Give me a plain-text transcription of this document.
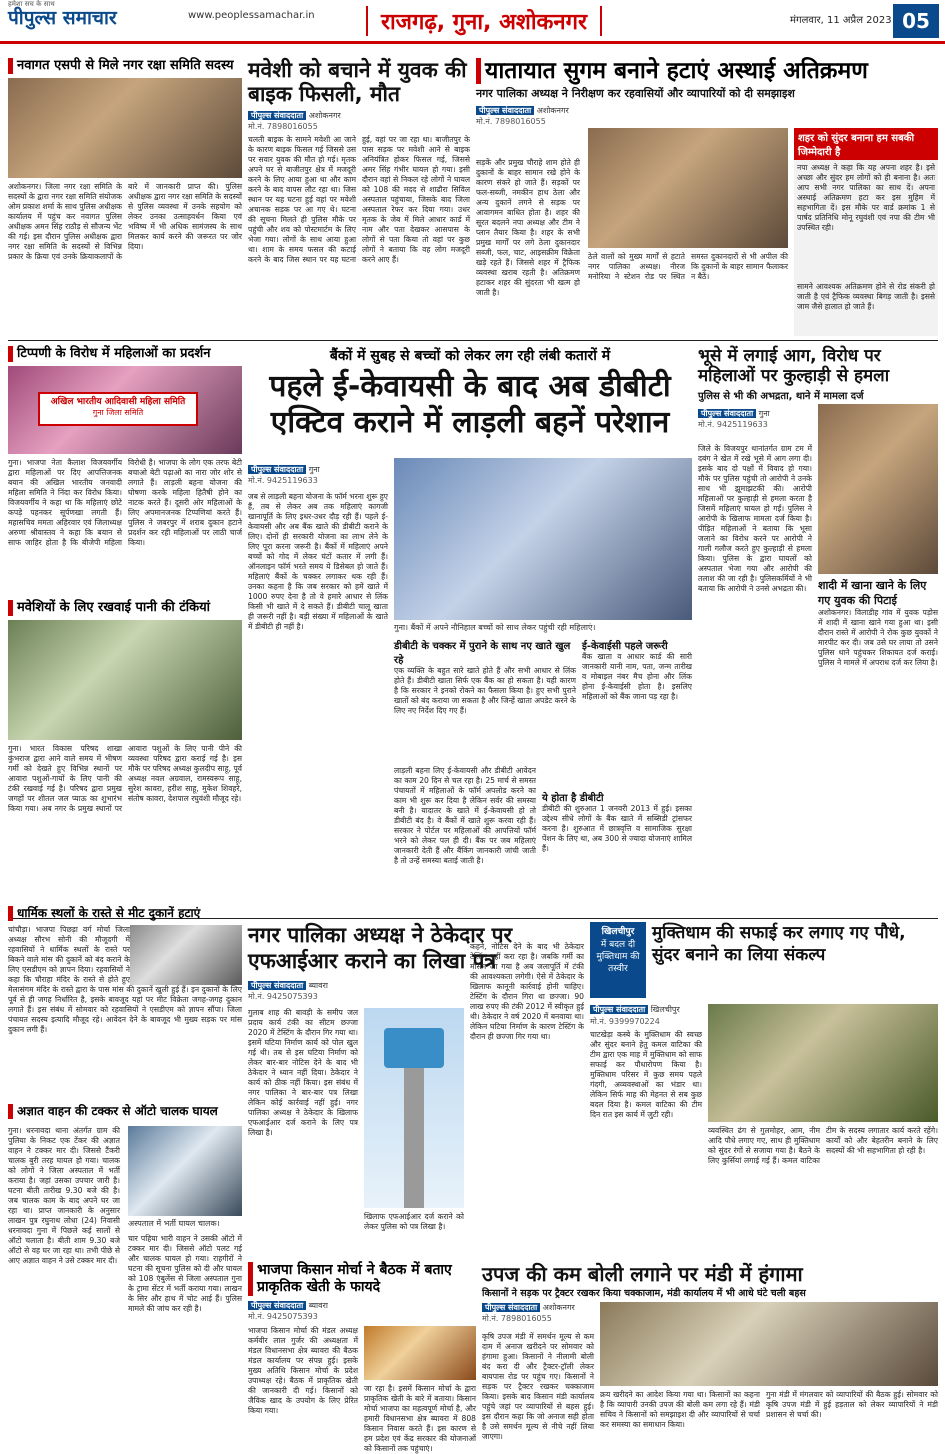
हमेशा सच के साथ
पीपुल्स समाचार	www.peoplessamachar.in	राजगढ़, गुना, अशोकनगर	मंगलवार, 11 अप्रैल 2023 05
नवागत एसपी से मिले नगर रक्षा समिति सदस्य

अशोकनगर। जिला नगर रक्षा समिति के सदस्यों के द्वारा नगर रक्षा समिति संयोजक ओम प्रकाश शर्मा के साथ पुलिस अधीक्षक कार्यालय में पहुंच कर नवागत पुलिस अधीक्षक अमन सिंह राठौड़ से सौजन्य भेंट की गई। इस दौरान पुलिस अधीक्षक द्वारा नगर रक्षा समिति के सदस्यों से विभिन्न प्रकार के क्रिया एवं उनके क्रियाकलापों के बारे में जानकारी प्राप्त की। पुलिस अधीक्षक द्वारा नगर रक्षा समिति के सदस्यों से पुलिस व्यवस्था में उनके सहयोग को लेकर उनका उत्साहवर्धन किया एवं भविष्य में भी अधिक सामंजस्य के साथ मिलकर कार्य करने की जरूरत पर जोर दिया।

मवेशी को बचाने में युवक की बाइक फिसली, मौत
पीपुल्स संवाददाता अशोकनगर
मो.नं. 7898016055

चलती बाइक के सामने मवेशी आ जाने के कारण बाइक फिसल गई जिससे उस पर सवार युवक की मौत हो गई। मृतक अपने घर से बाजीतपुर क्षेत्र में मजदूरी करने के लिए आया हुआ था और काम करने के बाद वापस लौट रहा था। जिस स्थान पर यह घटना हुई वहां पर मवेशी अचानक सड़क पर आ गए थे। घटना की सूचना मिलते ही पुलिस मौके पर पहुंची और शव को पोस्टमार्टम के लिए भेजा गया। लोगों के साथ आया हुआ था। शाम के समय फसल की कटाई करने के बाद जिस स्थान पर यह घटना हुई, वहां पर जा रहा था। बाजीतपुर के पास सड़क पर मवेशी आने से बाइक अनियंत्रित होकर फिसल गई, जिससे अमर सिंह गंभीर घायल हो गया। इसी दौरान वहां से निकल रहे लोगों ने घायल को 108 की मदद से शाढौरा सिविल अस्पताल पहुंचाया, जिसके बाद जिला अस्पताल रेफर कर दिया गया। उधर मृतक के जेब में मिले आधार कार्ड में नाम और पता देखकर आसपास के लोगों से पता किया तो वहां पर कुछ लोगों ने बताया कि वह लोग मजदूरी करने आए हैं।

यातायात सुगम बनाने हटाएं अस्थाई अतिक्रमण
नगर पालिका अध्यक्ष ने निरीक्षण कर रहवासियों और व्यापारियों को दी समझाइश
पीपुल्स संवाददाता अशोकनगर
मो.नं. 7898016055

सड़कें और प्रमुख चौराहे शाम होते ही दुकानों के बाहर सामान रखे होने के कारण संकरे हो जाते हैं। सड़कों पर फल-सब्जी, नमकीन हाथ ठेला और अन्य दुकानें लगने से सड़क पर आवागमन बाधित होता है। शहर की सूरत बदलने नपा अध्यक्ष और टीम ने प्लान तैयार किया है। शहर के सभी प्रमुख मार्गों पर लगे ठेला दुकानदार सब्जी, फल, चाट, आइसक्रीम विक्रेता खड़े रहते हैं। जिससे शहर में ट्रैफिक व्यवस्था खराब रहती है। अतिक्रमण हटाकर शहर की सुंदरता भी खत्म हो जाती है।

ठेले वालों को मुख्य मार्गों से हटाते नगर पालिका अध्यक्ष। नीरज मनोरिया ने स्टेशन रोड पर स्थित समस्त दुकानदारों से भी अपील की कि दुकानों के बाहर सामान फैलाकर न बैठें।

शहर को सुंदर बनाना हम सबकी जिम्मेदारी है

नपा अध्यक्ष ने कहा कि यह अपना शहर है। इसे अच्छा और सुंदर हम लोगों को ही बनाना है। अतः आप सभी नगर पालिका का साथ दें। अपना अस्थाई अतिक्रमण हटा कर इस मुहिम में सहभागिता दें। इस मौके पर वार्ड क्रमांक 1 से पार्षद प्रतिनिधि मोनू रघुवंशी एवं नपा की टीम भी उपस्थित रही।

सामने आवश्यक अतिक्रमण होने से रोड संकरी हो जाती है एवं ट्रैफिक व्यवस्था बिगड़ जाती है। इससे जाम जैसे हालात हो जाते हैं।

टिप्पणी के विरोध में महिलाओं का प्रदर्शन
अखिल भारतीय आदिवासी महिला समिति
गुना जिला समिति

गुना। भाजपा नेता कैलाश विजयवर्गीय द्वारा महिलाओं पर दिए आपत्तिजनक बयान की अखिल भारतीय जनवादी महिला समिति ने निंदा कर विरोध किया। विजयवर्गीय ने कहा था कि महिलाएं छोटे कपड़े पहनकर सूर्पणखा लगती हैं। महासचिव ममता अहिरवार एवं जिलाध्यक्ष अरुणा श्रीवास्तव ने कहा कि बयान से साफ जाहिर होता है कि बीजेपी महिला विरोधी है। भाजपा के लोग एक तरफ बेटी बचाओ बेटी पढ़ाओ का नारा जोर शोर से लगाते हैं। लाड़ली बहना योजना की घोषणा करके महिला हितैषी होने का नाटक करते हैं। दूसरी ओर महिलाओं के लिए अपमानजनक टिप्पणियां करते हैं। पुलिस ने जबरपुर में शराब दुकान हटाने प्रदर्शन कर रही महिलाओं पर लाठी चार्ज किया।

बैंकों में सुबह से बच्चों को लेकर लग रही लंबी कतारों में
पहले ई-केवायसी के बाद अब डीबीटी एक्टिव कराने में लाड़ली बहनें परेशान
पीपुल्स संवाददाता गुना
मो.नं. 9425119633
गुना। बैंकों में अपने नौनिहाल बच्चों को साथ लेकर पहुंची रही महिलाएं।

जब से लाड़ली बहना योजना के फॉर्म भरना शुरू हुए हैं, तब से लेकर अब तक महिलाएं कागजी खानापूर्ति के लिए इधर-उधर दौड़ रही हैं। पहले ई-केवायसी और अब बैंक खाते की डीबीटी कराने के लिए। दोनों ही सरकारी योजना का लाभ लेने के लिए पूरा करना जरूरी है। बैंकों में महिलाएं अपने बच्चों को गोद में लेकर घंटों कतार में लगी हैं। ऑनलाइन फॉर्म भरते समय ये डिसेबल हो जाते हैं। महिलाएं बैंकों के चक्कर लगाकर थक रही हैं। उनका कहना है कि जब सरकार को हमें खाते में 1000 रुपए देना है तो वे हमारे आधार से लिंक किसी भी खाते में दे सकते हैं। डीबीटी चालू खाता ही जरूरी नहीं है। बड़ी संख्या में महिलाओं के खाते में डीबीटी ही नहीं है।

लाड़ली बहना लिए ई-केवायसी और डीबीटी आवेदन का काम 20 दिन से चल रहा है। 25 मार्च से समस्त पंचायतों में महिलाओं के फॉर्म अपलोड करने का काम भी शुरू कर दिया है लेकिन सर्वर की समस्या बनी है। यादातर के खाते में ई-केवायसी हो तो डीबीटी बंद है। वे बैंकों में खाते शुरू करवा रही हैं। सरकार ने पोर्टल पर महिलाओं की आपत्तियों फॉर्म भरने को लेकर पल ही दी। बैंक पर जब महिलाएं जानकारी देती हैं और बैंकिंग जानकारी जांची जाती है तो उन्हें समस्या बताई जाती है।

डीबीटी के चक्कर में पुराने के साथ नए खाते खुल रहे

एक व्यक्ति के बहुत सारे खाते होते हैं और सभी आधार से लिंक होते हैं। डीबीटी खाता सिर्फ एक बैंक का हो सकता है। यही कारण है कि सरकार ने इनको रोकने का फैसला किया है। हुए सभी पुराने खातों को बंद कराया जा सकता है और जिन्हें खाता अपडेट करने के लिए नए निर्देश दिए गए हैं।

ई-केवाईसी पहले जरूरी

बैंक खाता व आधार कार्ड की सारी जानकारी यानी नाम, पता, जन्म तारीख व मोबाइल नंबर मैच होना और लिंक होना ई-केवाईसी होता है। इसलिए महिलाओं को बैंक जाना पड़ रहा है।

ये होता है डीबीटी

डीबीटी की शुरुआत 1 जनवरी 2013 में हुई। इसका उद्देश्य सीधे लोगों के बैंक खाते में सब्सिडी ट्रांसफर करना है। शुरुआत में छात्रवृत्ति व सामाजिक सुरक्षा पेंशन के लिए था, अब 300 से ज्यादा योजनाएं शामिल हैं।

भूसे में लगाई आग, विरोध पर महिलाओं पर कुल्हाड़ी से हमला
पुलिस से भी की अभद्रता, थाने में मामला दर्ज
पीपुल्स संवाददाता गुना
मो.नं. 9425119633

जिले के विजयपुर थानांतर्गत ग्राम टम में दबंग ने खेत में रखे भूसे में आग लगा दी। इसके बाद दो पक्षों में विवाद हो गया। मौके पर पुलिस पहुंची तो आरोपी ने उनके साथ भी झूमाझटकी की। आरोपी महिलाओं पर कुल्हाड़ी से हमला करता है जिसमें महिलाएं घायल हो गईं। पुलिस ने आरोपी के खिलाफ मामला दर्ज किया है। पीड़ित महिलाओं ने बताया कि भूसा जलाने का विरोध करने पर आरोपी ने गाली गलौज करते हुए कुल्हाड़ी से हमला किया। पुलिस के द्वारा घायलों को अस्पताल भेजा गया और आरोपी की तलाश की जा रही है। पुलिसकर्मियों ने भी बताया कि आरोपी ने उनसे अभद्रता की।	शादी में खाना खाने के लिए गए युवक की पिटाई

अशोकनगर। विलाडीह गांव में युवक पड़ोस में शादी में खाना खाने गया हुआ था। इसी दौरान रास्ते में आरोपी ने रोक कुछ युवकों ने मारपीट कर दी। जब उसे घर लाया तो उसने पुलिस थाने पहुंचकर शिकायत दर्ज कराई। पुलिस ने मामले में अपराध दर्ज कर लिया है।

मवेशियों के लिए रखवाई पानी की टंकियां

गुना। भारत विकास परिषद शाखा कुंभराज द्वारा आने वाले समय में भीषण गर्मी को देखते हुए विभिन्न स्थानों पर आवारा पशुओं-गायों के लिए पानी की टंकी रखवाई गई है। परिषद द्वारा प्रमुख जगहों पर शीतल जल प्याऊ का शुभारंभ किया गया। अब नगर के प्रमुख स्थानों पर आवारा पशुओं के लिए पानी पीने की व्यवस्था परिषद द्वारा कराई गई है। इस मौके पर परिषद अध्यक्ष कुलदीप साहू, पूर्व अध्यक्ष नवल अग्रवाल, रामस्वरूप साहू, सुरेश कावरा, हरीश साहू, मुकेश शिवहरे, संतोष कावरा, देशपाल रघुवंशी मौजूद रहे।

धार्मिक स्थलों के रास्ते से मीट दुकानें हटाएं

चांचौड़ा। भाजपा पिछड़ा वर्ग मोर्चा जिला अध्यक्ष सौरभ सोनी की मौजूदगी में रहवासियों ने धार्मिक स्थलों के रास्ते पर बिकने वाले मांस की दुकानें को बंद कराने के लिए एसडीएम को ज्ञापन दिया। रहवासियों ने कहा कि चौराहा मंदिर के रास्ते से होते हुए मेलासंगम मंदिर के रास्ते द्वारा के पास मांस की दुकानें खुली हुई हैं। इन दुकानों के लिए पूर्व से ही जगह निर्धारित है, इसके बावजूद यहां पर मीट विक्रेता जगह-जगह दुकान लगाते हैं। इस संबंध में सोमवार को रहवासियों ने एसडीएम को ज्ञापन सौंपा। जिला पंचायत सदस्य इत्यादि मौजूद रहे। आवेदन देने के बावजूद भी मुख्य सड़क पर मांस दुकान लगी हैं।

अज्ञात वाहन की टक्कर से ऑटो चालक घायल

गुना। धरनावदा थाना अंतर्गत ग्राम की पुलिया के निकट एक टेंकर की अज्ञात वाहन ने टक्कर मार दी। जिससे टैंकरी चालक बुरी तरह घायल हो गया। चालक को लोगों ने जिला अस्पताल में भर्ती कराया है। जहां उसका उपचार जारी है। घटना बीती तारीख 9.30 बजे की है। जब चालक काम के बाद अपने घर जा रहा था। प्राप्त जानकारी के अनुसार लाखन पुत्र रघुनाथ लोधा (24) निवासी धरनावदा गुना में पिछले कई सालों से ऑटो चलाता है। बीती शाम 9.30 बजे ऑटो से वह घर जा रहा था। तभी पीछे से आए अज्ञात वाहन ने उसे टक्कर मार दी।

अस्पताल में भर्ती घायल चालक।

चार पहिया भारी वाहन ने उसकी ऑटो में टक्कर मार दी। जिससे ऑटो पलट गई और चालक घायल हो गया। राहगीरों ने घटना की सूचना पुलिस को दी और घायल को 108 एंबुलेंस से जिला अस्पताल गुना के ट्रामा सेंटर में भर्ती कराया गया। लाखन के सिर और हाथ में चोट आई हैं। पुलिस मामले की जांच कर रही है।

नगर पालिका अध्यक्ष ने ठेकेदार पर एफआईआर कराने का लिखा पत्र
पीपुल्स संवाददाता ब्यावरा
मो.नं. 9425075393

गुलाब शाह की बावड़ी के समीप जल प्रदाय कार्य टंकी का सीटम छज्जा 2020 में टेस्टिंग के दौरान गिर गया था। इसमें घटिया निर्माण कार्य को पोल खुल गई थी। तब से इस घटिया निर्माण को लेकर बार-बार नोटिस देने के बाद भी ठेकेदार ने ध्यान नहीं दिया। ठेकेदार ने कार्य को ठीक नहीं किया। इस संबंध में नगर पालिका ने बार-बार पत्र लिखा लेकिन कोई कार्रवाई नहीं हुई। नगर पालिका अध्यक्ष ने ठेकेदार के खिलाफ एफआईआर दर्ज कराने के लिए पत्र लिखा है।

खिलाफ एफआईआर दर्ज कराने को लेकर पुलिस को पत्र लिखा है।

कहने, नोटिस देने के बाद भी ठेकेदार टेस्टिंग नहीं करा रहा है। जबकि गर्मी का मौसम आ गया है अब जलापूर्ति में टंकी की आवश्यकता लगेगी। ऐसे में ठेकेदार के खिलाफ कानूनी कार्रवाई होनी चाहिए। टेस्टिंग के दौरान गिरा था छज्जा। 90 लाख रुपए की टंकी 2012 में स्वीकृत हुई थी। ठेकेदार ने वर्ष 2020 में बनवाया था। लेकिन घटिया निर्माण के कारण टेस्टिंग के दौरान ही छज्जा गिर गया था।

खिलचीपुर
में बदल दी मुक्तिधाम की तस्वीर
मुक्तिधाम की सफाई कर लगाए गए पौधे, सुंदर बनाने का लिया संकल्प
पीपुल्स संवाददाता खिलचीपुर
मो.नं. 9399970224

चाटखेड़ा कस्बे के मुक्तिधाम की स्वच्छ और सुंदर बनाने हेतु कमल वाटिका की टीम द्वारा एक माह में मुक्तिधाम को साफ सफाई कर पौधारोपण किया है। मुक्तिधाम परिसर में कुछ समय पहले गंदगी, अव्यवस्थाओं का भंडार था। लेकिन सिर्फ माह की मेहनत से सब कुछ बदल दिया है। कमल वाटिका की टीम दिन रात इस कार्य में जुटी रही।

व्यवस्थित ढंग से गुलमोहर, आम, नीम आदि पौधे लगाए गए, साथ ही मुक्तिधाम को सुंदर रंगों से सजाया गया है। बैठने के लिए कुर्सियां लगाई गई हैं। कमल वाटिका टीम के सदस्य लगातार कार्य करते रहेंगे। कार्यों को और बेहतरीन बनाने के लिए सदस्यों की भी सहभागिता हो रही है।

भाजपा किसान मोर्चा ने बैठक में बताए प्राकृतिक खेती के फायदे
पीपुल्स संवाददाता ब्यावरा
मो.नं. 9425075393

भाजपा किसान मोर्चा की मंडल अध्यक्ष कर्मवीर लाल गुर्जर की अध्यक्षता में मंडल विधानसभा क्षेत्र ब्यावरा की बैठक मंडल कार्यालय पर संपन्न हुई। इसके मुख्य अतिथि किसान मोर्चा के प्रदेश उपाध्यक्ष रहे। बैठक में प्राकृतिक खेती की जानकारी दी गई। किसानों को जैविक खाद के उपयोग के लिए प्रेरित किया गया।

जा रहा है। इसमें किसान मोर्चा के द्वारा प्राकृतिक खेती के बारे में बताया। किसान मोर्चा भाजपा का महत्वपूर्ण मोर्चा है, और हमारी विधानसभा क्षेत्र ब्यावरा में 808 किसान निवास करते हैं। इस कारण से हम प्रदेश एवं केंद्र सरकार की योजनाओं को किसानों तक पहुंचाएं।

उपज की कम बोली लगाने पर मंडी में हंगामा
किसानों ने सड़क पर ट्रैक्टर रखकर किया चक्काजाम, मंडी कार्यालय में भी आधे घंटे चली बहस
पीपुल्स संवाददाता अशोकनगर
मो.नं. 7898016055

कृषि उपज मंडी में समर्थन मूल्य से कम दाम में अनाज खरीदने पर सोमवार को हंगामा हुआ। किसानों ने नीलामी बोली बंद करा दी और ट्रैक्टर-ट्रॉली लेकर बायपास रोड पर पहुंच गए। किसानों ने सड़क पर ट्रैक्टर रखकर चक्काजाम किया। इसके बाद किसान मंडी कार्यालय पहुंचे जहां पर व्यापारियों से बहस हुई। इस दौरान कहा कि जो अनाज सही होता है उसे समर्थन मूल्य से नीचे नहीं लिया जाएगा।

क्रय खरीदने का आदेश किया गया था। किसानों का कहना है कि व्यापारी उनकी उपज की बोली कम लगा रहे हैं। मंडी सचिव ने किसानों को समझाइश दी और व्यापारियों से चर्चा कर समस्या का समाधान किया।

गुना मंडी में मंगलवार को व्यापारियों की बैठक हुई। सोमवार को कृषि उपज मंडी में हुई हड़ताल को लेकर व्यापारियों ने मंडी प्रशासन से चर्चा की।
